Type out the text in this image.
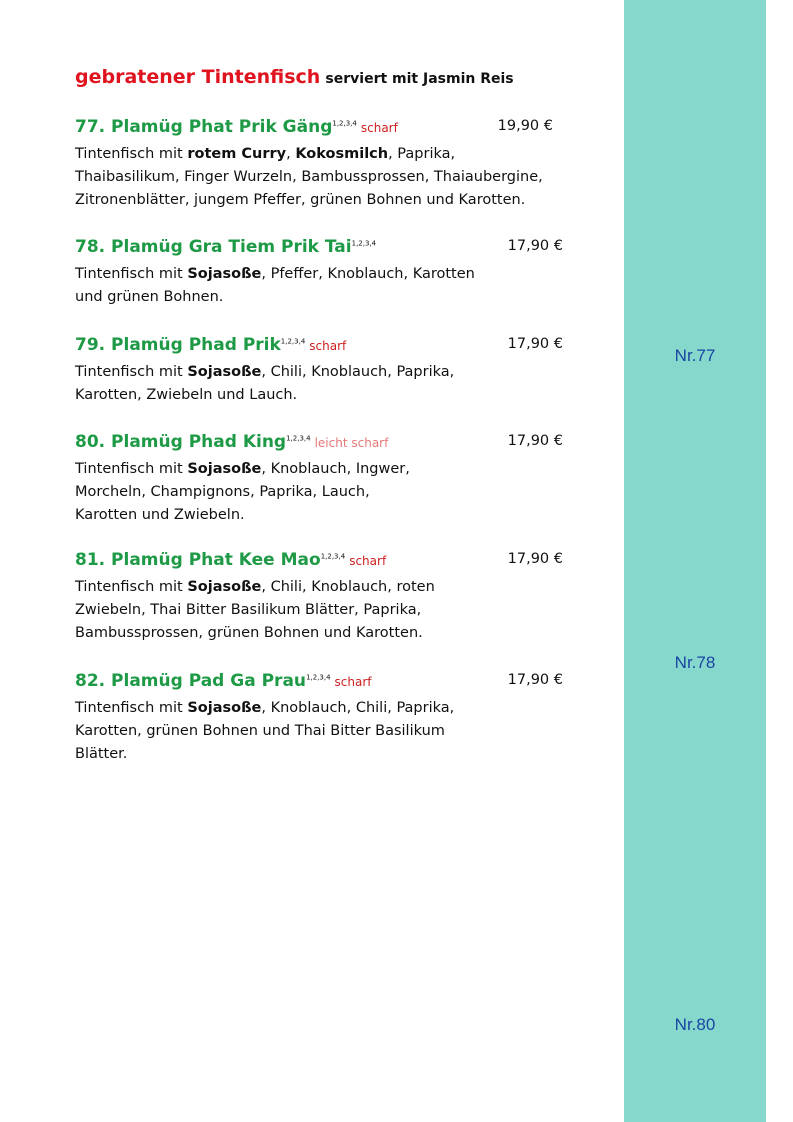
gebratener Tintenfisch serviert mit Jasmin Reis
77. Plamüg Phat Prik Gäng$^{1,2,3,4}$ scharf	19,90 €
Tintenfisch mit rotem Curry, Kokosmilch, Paprika,
Thaibasilikum, Finger Wurzeln, Bambussprossen, Thaiaubergine,
Zitronenblätter, jungem Pfeffer, grünen Bohnen und Karotten.
78. Plamüg Gra Tiem Prik Tai$^{1,2,3,4}$	17,90 €
Tintenfisch mit Sojasoße, Pfeffer, Knoblauch, Karotten
und grünen Bohnen.
79. Plamüg Phad Prik$^{1,2,3,4}$ scharf	17,90 €
Tintenfisch mit Sojasoße, Chili, Knoblauch, Paprika,
Karotten, Zwiebeln und Lauch.
80. Plamüg Phad King$^{1,2,3,4}$ leicht scharf	17,90 €
Tintenfisch mit Sojasoße, Knoblauch, Ingwer,
Morcheln, Champignons, Paprika, Lauch,
Karotten und Zwiebeln.
81. Plamüg Phat Kee Mao$^{1,2,3,4}$ scharf	17,90 €
Tintenfisch mit Sojasoße, Chili, Knoblauch, roten
Zwiebeln, Thai Bitter Basilikum Blätter, Paprika,
Bambussprossen, grünen Bohnen und Karotten.
82. Plamüg Pad Ga Prau$^{1,2,3,4}$ scharf	17,90 €
Tintenfisch mit Sojasoße, Knoblauch, Chili, Paprika,
Karotten, grünen Bohnen und Thai Bitter Basilikum
Blätter.
Nr.77
Nr.78
Nr.80
